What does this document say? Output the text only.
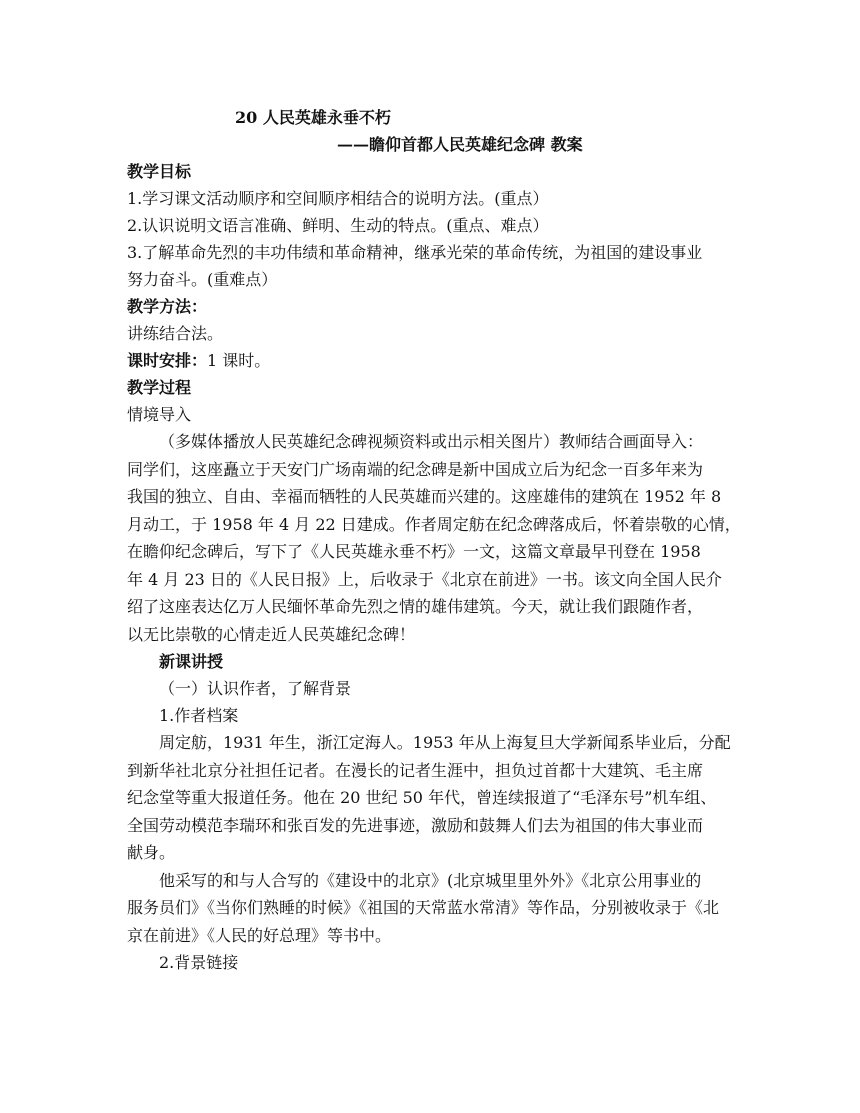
20 人民英雄永垂不朽
——瞻仰首都人民英雄纪念碑 教案
教学目标
1.学习课文活动顺序和空间顺序相结合的说明方法。(重点）
2.认识说明文语言准确、鲜明、生动的特点。(重点、难点）
3.了解革命先烈的丰功伟绩和革命精神，继承光荣的革命传统，为祖国的建设事业
努力奋斗。(重难点）
教学方法：
讲练结合法。
课时安排：1 课时。
教学过程
情境导入
（多媒体播放人民英雄纪念碑视频资料或出示相关图片）教师结合画面导入：
同学们，这座矗立于天安门广场南端的纪念碑是新中国成立后为纪念一百多年来为
我国的独立、自由、幸福而牺牲的人民英雄而兴建的。这座雄伟的建筑在 1952 年 8
月动工，于 1958 年 4 月 22 日建成。作者周定舫在纪念碑落成后，怀着崇敬的心情，
在瞻仰纪念碑后，写下了《人民英雄永垂不朽》一文，这篇文章最早刊登在 1958
年 4 月 23 日的《人民日报》上，后收录于《北京在前进》一书。该文向全国人民介
绍了这座表达亿万人民缅怀革命先烈之情的雄伟建筑。今天，就让我们跟随作者，
以无比崇敬的心情走近人民英雄纪念碑！
新课讲授
（一）认识作者，了解背景
1.作者档案
周定舫，1931 年生，浙江定海人。1953 年从上海复旦大学新闻系毕业后，分配
到新华社北京分社担任记者。在漫长的记者生涯中，担负过首都十大建筑、毛主席
纪念堂等重大报道任务。他在 20 世纪 50 年代，曾连续报道了“毛泽东号”机车组、
全国劳动模范李瑞环和张百发的先进事迹，激励和鼓舞人们去为祖国的伟大事业而
献身。
他采写的和与人合写的《建设中的北京》(北京城里里外外》《北京公用事业的
服务员们》《当你们熟睡的时候》《祖国的天常蓝水常清》等作品，分别被收录于《北
京在前进》《人民的好总理》等书中。
2.背景链接
